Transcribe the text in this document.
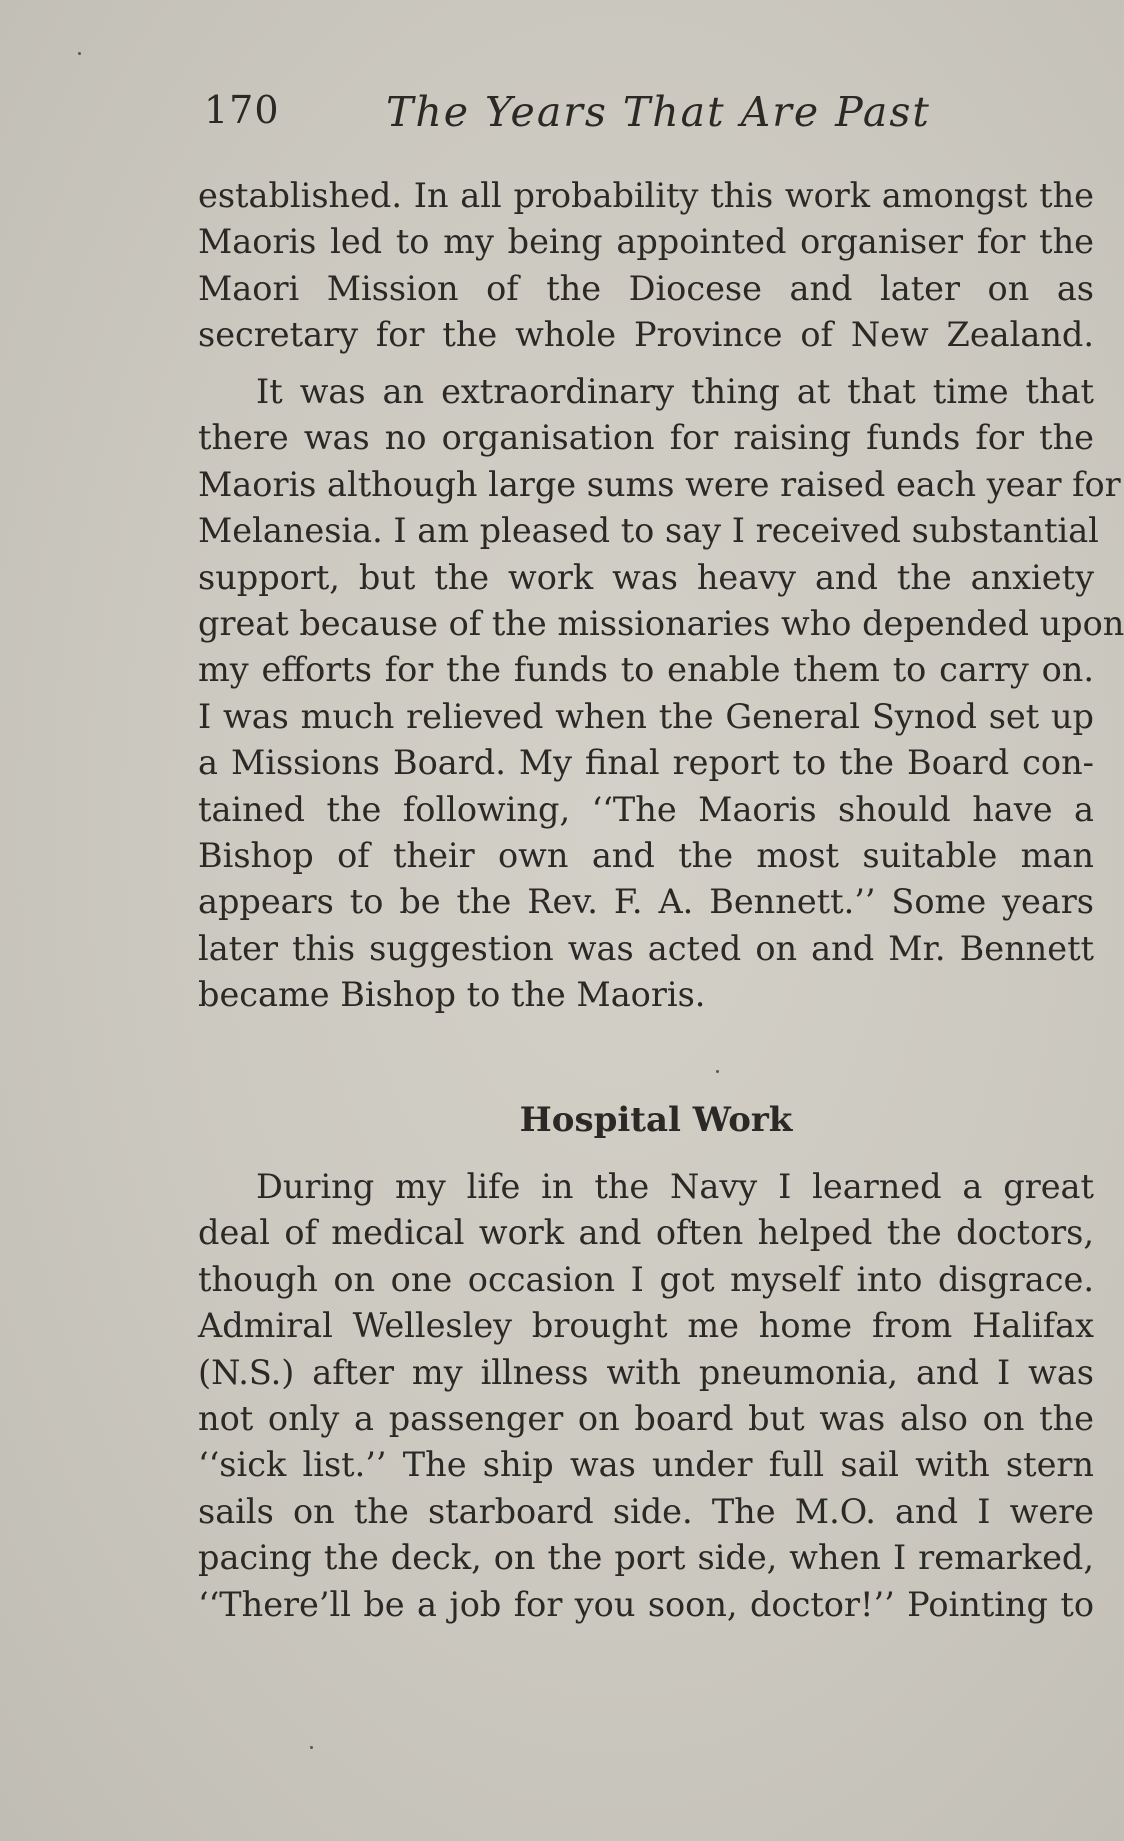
170	The Years That Are Past
established. In all probability this work amongst the
Maoris led to my being appointed organiser for the
Maori Mission of the Diocese and later on as
secretary for the whole Province of New Zealand.
It was an extraordinary thing at that time that
there was no organisation for raising funds for the
Maoris although large sums were raised each year for
Melanesia. I am pleased to say I received substantial
support, but the work was heavy and the anxiety
great because of the missionaries who depended upon
my efforts for the funds to enable them to carry on.
I was much relieved when the General Synod set up
a Missions Board. My final report to the Board con-
tained the following, ‘‘The Maoris should have a
Bishop of their own and the most suitable man
appears to be the Rev. F. A. Bennett.’’ Some years
later this suggestion was acted on and Mr. Bennett
became Bishop to the Maoris.
Hospital Work
During my life in the Navy I learned a great
deal of medical work and often helped the doctors,
though on one occasion I got myself into disgrace.
Admiral Wellesley brought me home from Halifax
(N.S.) after my illness with pneumonia, and I was
not only a passenger on board but was also on the
‘‘sick list.’’ The ship was under full sail with stern
sails on the starboard side. The M.O. and I were
pacing the deck, on the port side, when I remarked,
‘‘There’ll be a job for you soon, doctor!’’ Pointing to
